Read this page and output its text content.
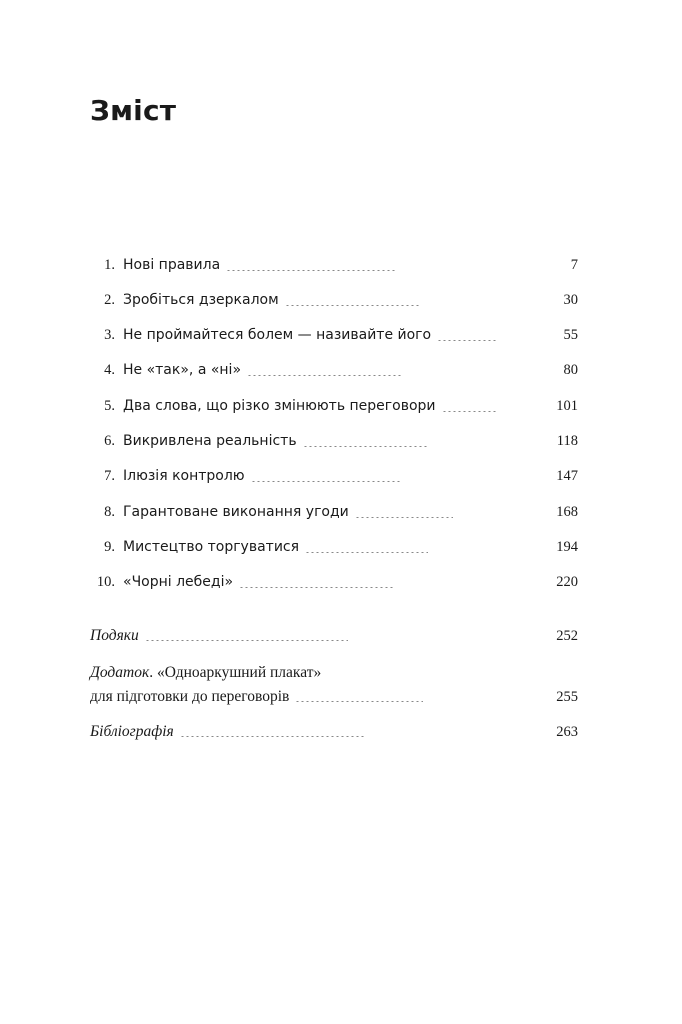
Зміст
1. Нові правила	7
2. Зробіться дзеркалом	30
3. Не проймайтеся болем — називайте його	55
4. Не «так», а «ні»	80
5. Два слова, що різко змінюють переговори	101
6. Викривлена реальність	118
7. Ілюзія контролю	147
8. Гарантоване виконання угоди	168
9. Мистецтво торгуватися	194
10. «Чорні лебеді»	220
Подяки	252
Додаток. «Одноаркушний плакат»
для підготовки до переговорів	255
Бібліографія	263
